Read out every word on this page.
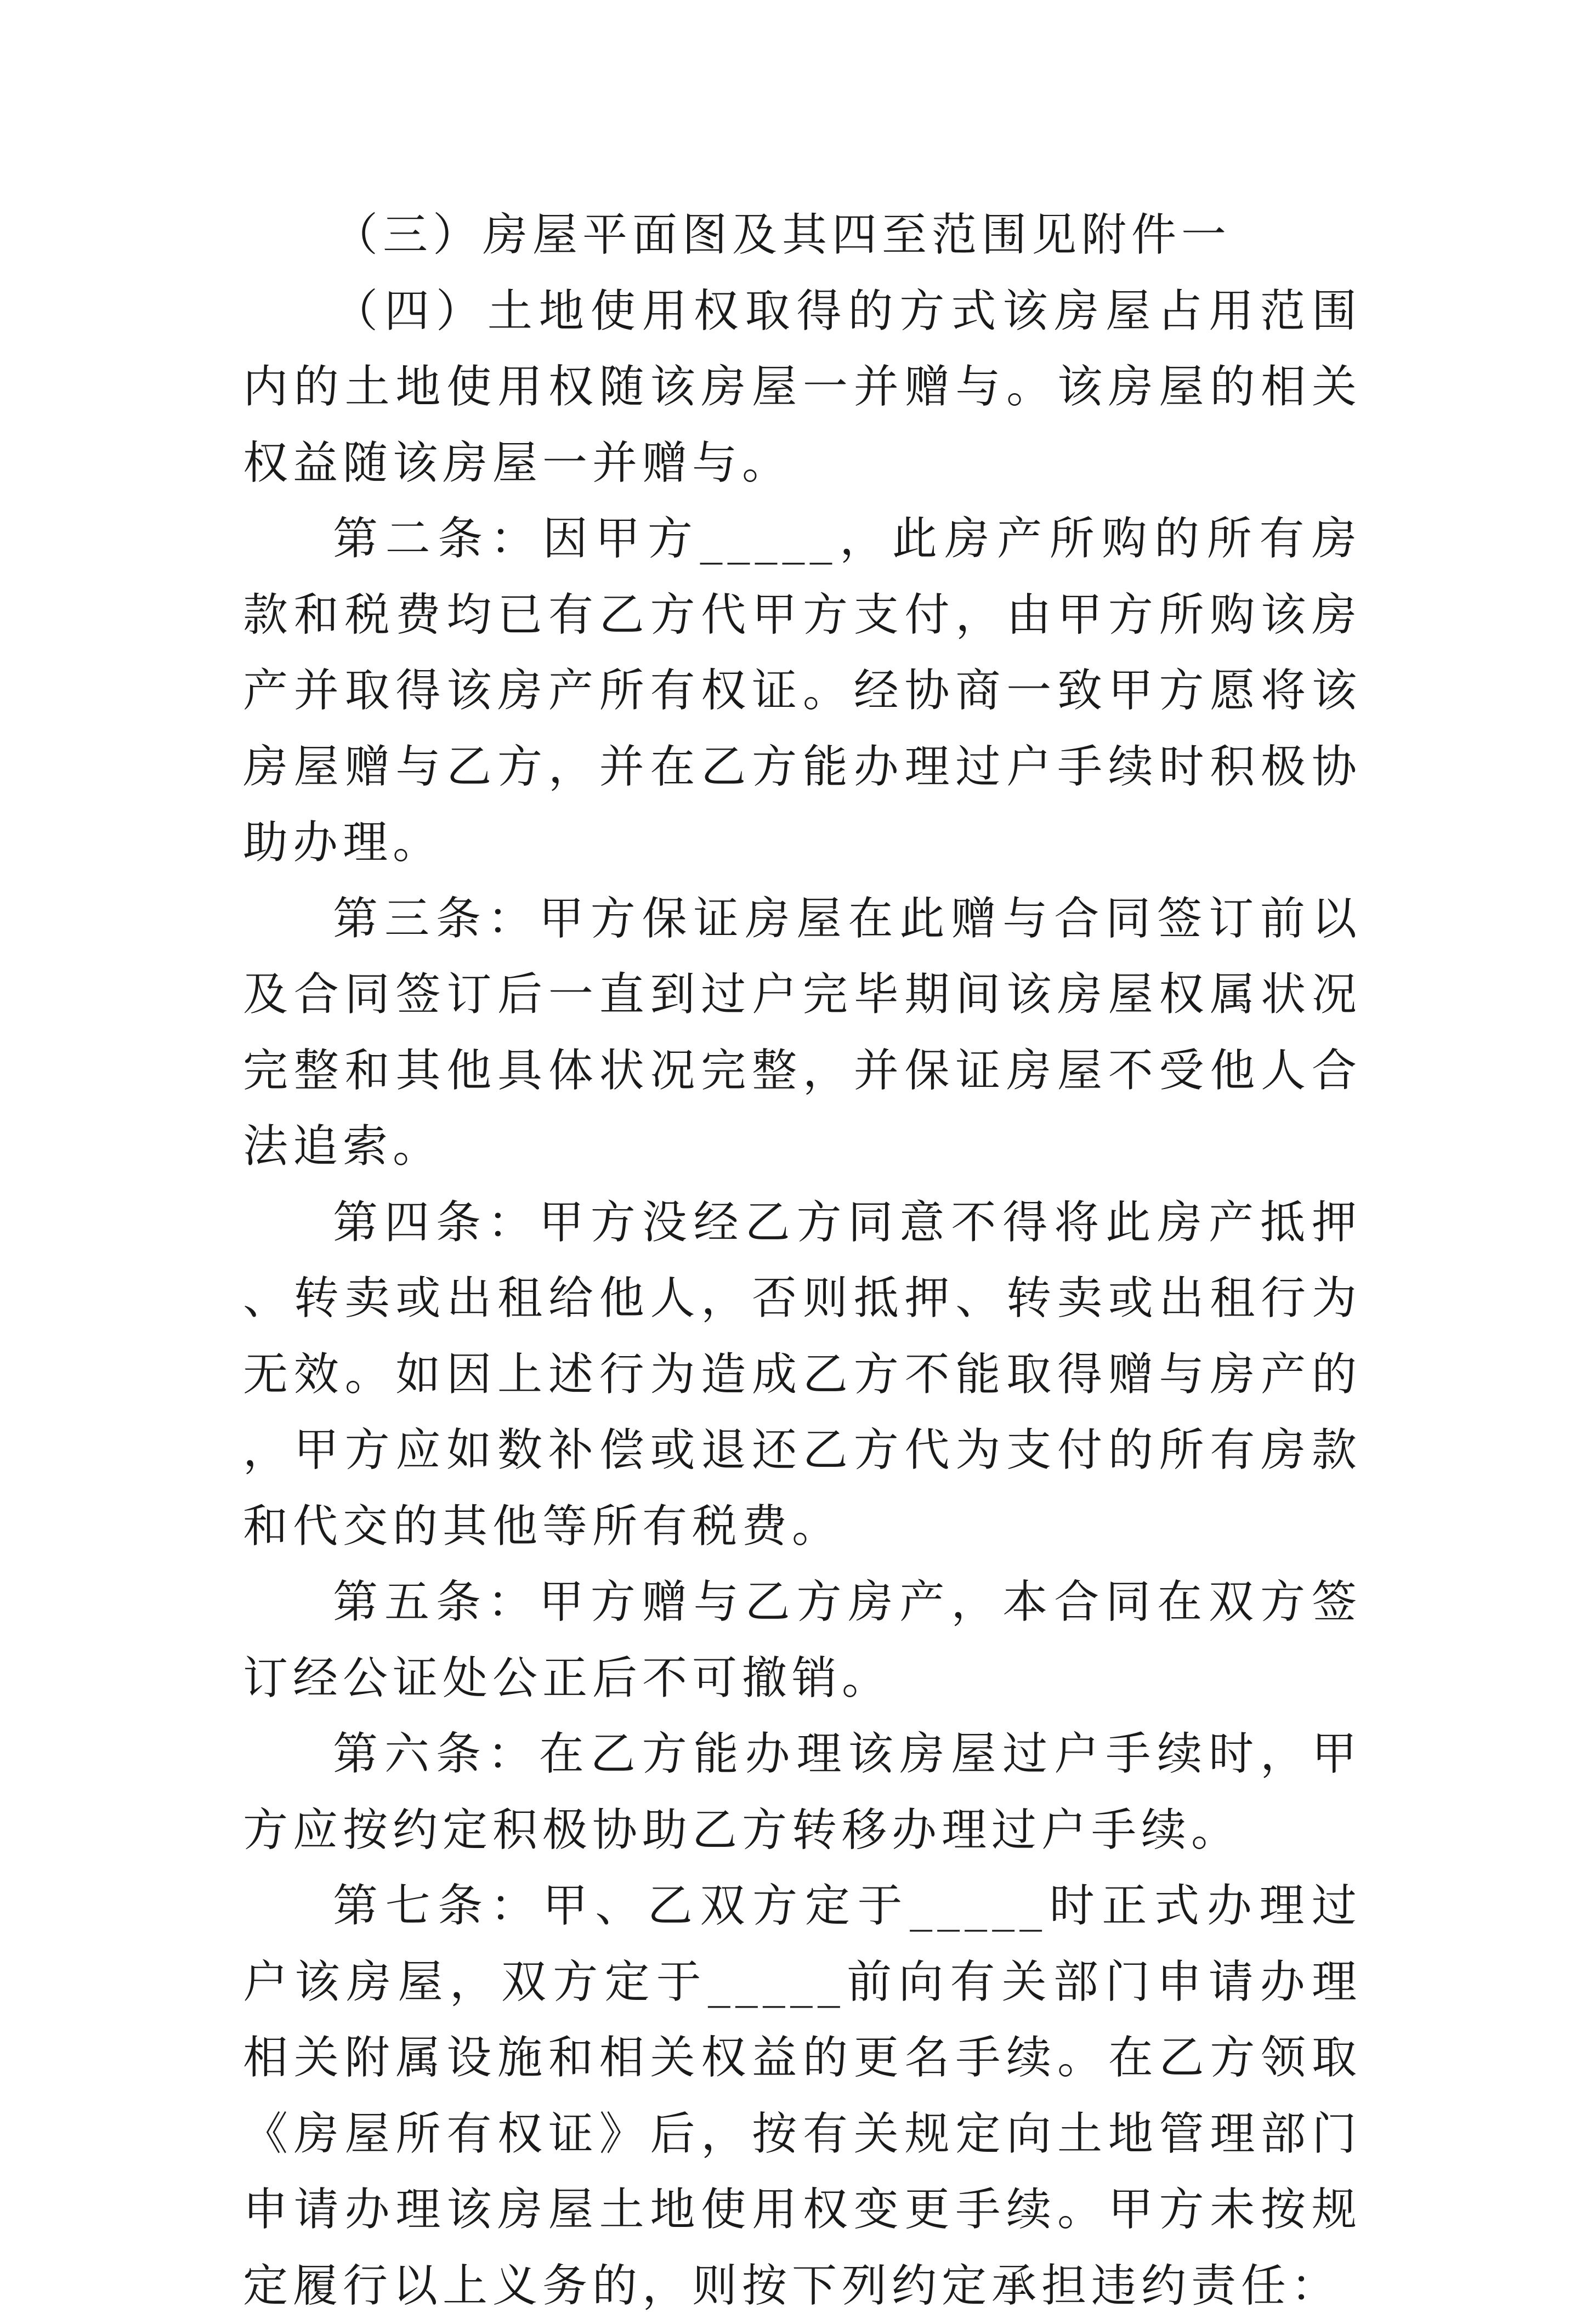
（三）房屋平面图及其四至范围见附件一

（四）土地使用权取得的方式该房屋占用范围内的土地使用权随该房屋一并赠与。该房屋的相关权益随该房屋一并赠与。

第二条：因甲方_____，此房产所购的所有房款和税费均已有乙方代甲方支付，由甲方所购该房产并取得该房产所有权证。经协商一致甲方愿将该房屋赠与乙方，并在乙方能办理过户手续时积极协助办理。

第三条：甲方保证房屋在此赠与合同签订前以及合同签订后一直到过户完毕期间该房屋权属状况完整和其他具体状况完整，并保证房屋不受他人合法追索。

第四条：甲方没经乙方同意不得将此房产抵押、转卖或出租给他人，否则抵押、转卖或出租行为无效。如因上述行为造成乙方不能取得赠与房产的，甲方应如数补偿或退还乙方代为支付的所有房款和代交的其他等所有税费。

第五条：甲方赠与乙方房产，本合同在双方签订经公证处公正后不可撤销。

第六条：在乙方能办理该房屋过户手续时，甲方应按约定积极协助乙方转移办理过户手续。

第七条：甲、乙双方定于_____时正式办理过户该房屋，双方定于_____前向有关部门申请办理相关附属设施和相关权益的更名手续。在乙方领取《房屋所有权证》后，按有关规定向土地管理部门申请办理该房屋土地使用权变更手续。甲方未按规定履行以上义务的，则按下列约定承担违约责任：
